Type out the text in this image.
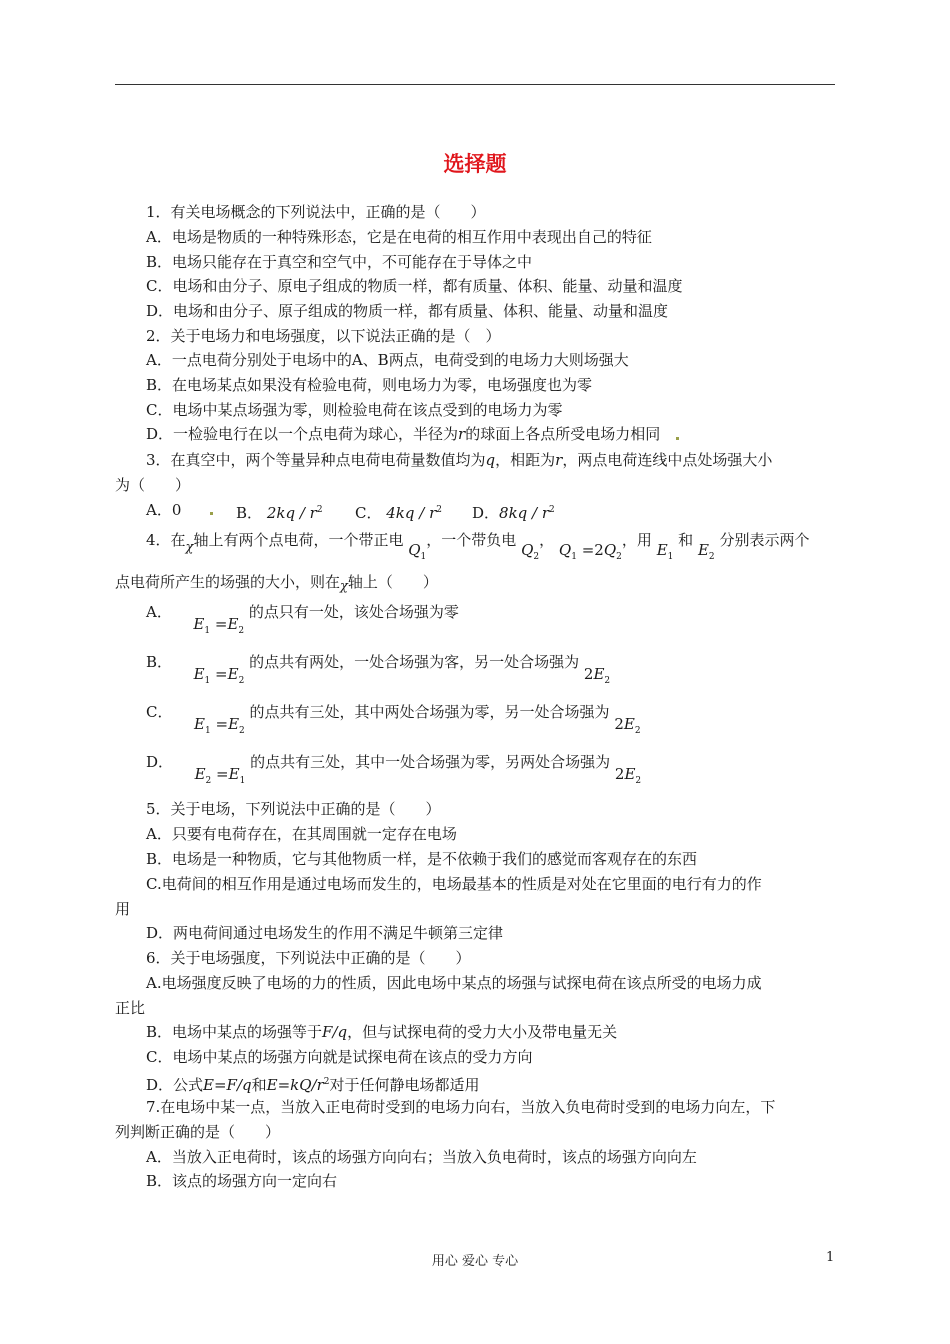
选择题
1．有关电场概念的下列说法中，正确的是（　　）
A．电场是物质的一种特殊形态，它是在电荷的相互作用中表现出自己的特征
B．电场只能存在于真空和空气中，不可能存在于导体之中
C．电场和由分子、原电子组成的物质一样，都有质量、体积、能量、动量和温度
D．电场和由分子、原子组成的物质一样，都有质量、体积、能量、动量和温度
2．关于电场力和电场强度，以下说法正确的是（　）
A．一点电荷分别处于电场中的A、B两点，电荷受到的电场力大则场强大
B．在电场某点如果没有检验电荷，则电场力为零，电场强度也为零
C．电场中某点场强为零，则检验电荷在该点受到的电场力为零
D．一检验电行在以一个点电荷为球心，半径为r的球面上各点所受电场力相同
3．在真空中，两个等量异种点电荷电荷量数值均为q，相距为r，两点电荷连线中点处场强大小
为（　　）
A．0	B． $2kq / r^2$ C． $4kq / r^2$ D．$8kq / r^2$
4．在χ轴上有两个点电荷，一个带正电 $Q_1$，一个带负电 $Q_2$， $Q_1 =2Q_2$，用 $E_1$ 和 $E_2$ 分别表示两个
点电荷所产生的场强的大小，则在χ轴上（　　）
A．  $E_1 =E_2$ 的点只有一处，该处合场强为零
B．  $E_1 =E_2$ 的点共有两处，一处合场强为客，另一处合场强为 $2E_2$
C．  $E_1 =E_2$ 的点共有三处，其中两处合场强为零，另一处合场强为 $2E_2$
D．  $E_2 =E_1$ 的点共有三处，其中一处合场强为零，另两处合场强为 $2E_2$
5．关于电场，下列说法中正确的是（　　）
A．只要有电荷存在，在其周围就一定存在电场
B．电场是一种物质，它与其他物质一样，是不依赖于我们的感觉而客观存在的东西
C.电荷间的相互作用是通过电场而发生的，电场最基本的性质是对处在它里面的电行有力的作
用
D．两电荷间通过电场发生的作用不满足牛顿第三定律
6．关于电场强度，下列说法中正确的是（　　）
A.电场强度反映了电场的力的性质，因此电场中某点的场强与试探电荷在该点所受的电场力成
正比
B．电场中某点的场强等于F/q，但与试探电荷的受力大小及带电量无关
C．电场中某点的场强方向就是试探电荷在该点的受力方向
D．公式E=F/q和$E=kQ/r^2$对于任何静电场都适用
7.在电场中某一点，当放入正电荷时受到的电场力向右，当放入负电荷时受到的电场力向左，下
列判断正确的是（　　）
A．当放入正电荷时，该点的场强方向向右；当放入负电荷时，该点的场强方向向左
B．该点的场强方向一定向右
用心 爱心 专心	1
